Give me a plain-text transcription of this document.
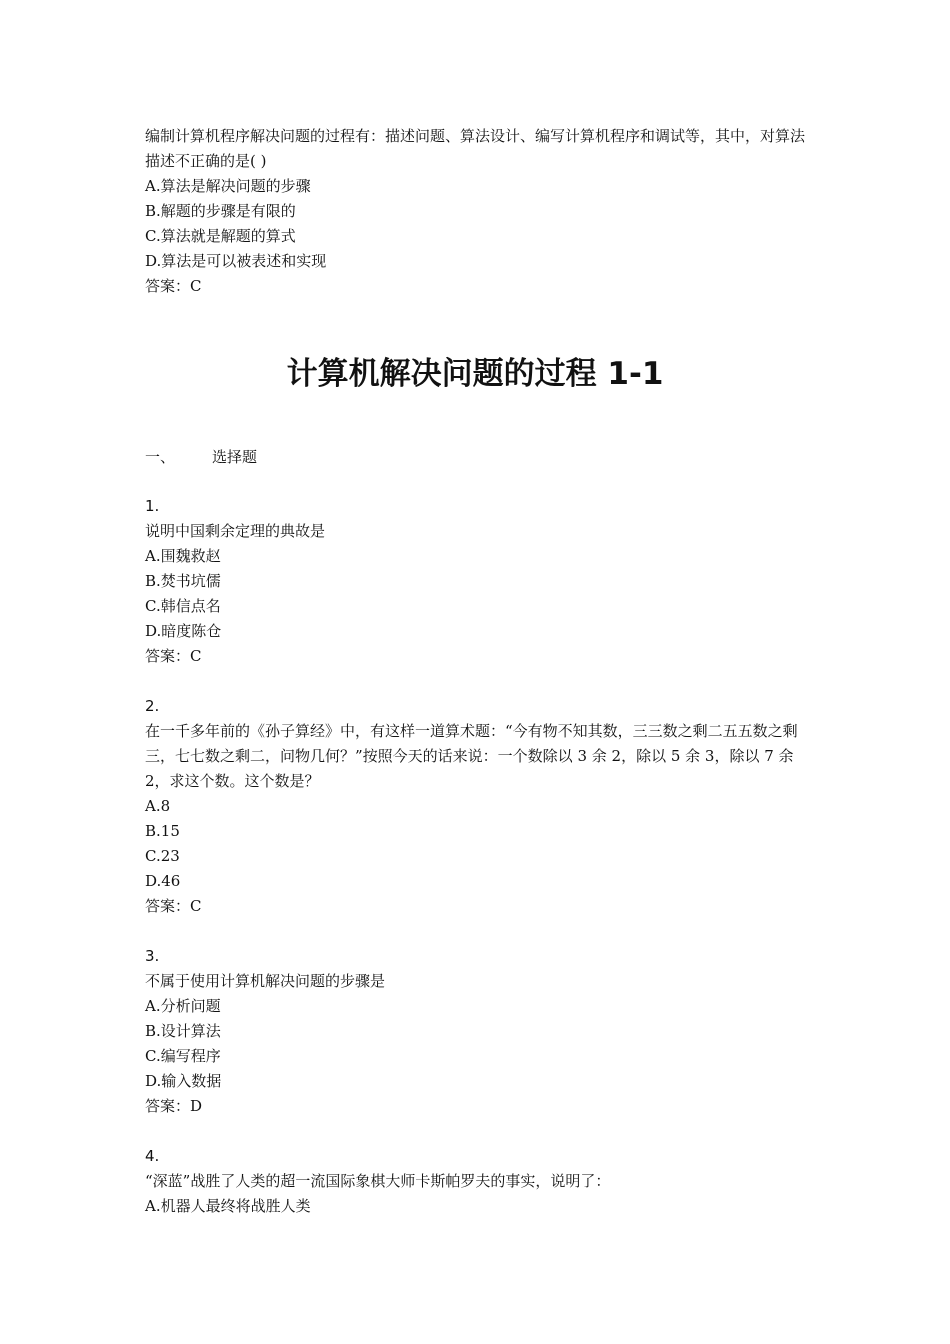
编制计算机程序解决问题的过程有：描述问题、算法设计、编写计算机程序和调试等，其中，对算法描述不正确的是( )
A.算法是解决问题的步骤
B.解题的步骤是有限的
C.算法就是解题的算式
D.算法是可以被表述和实现
答案：C
计算机解决问题的过程 1-1
一、 选择题
1.
说明中国剩余定理的典故是
A.围魏救赵
B.焚书坑儒
C.韩信点名
D.暗度陈仓
答案：C
2.
在一千多年前的《孙子算经》中，有这样一道算术题：“今有物不知其数，三三数之剩二五五数之剩三，七七数之剩二，问物几何？”按照今天的话来说：一个数除以 3 余 2，除以 5 余 3，除以 7 余 2，求这个数。这个数是？
A.8
B.15
C.23
D.46
答案：C
3.
不属于使用计算机解决问题的步骤是
A.分析问题
B.设计算法
C.编写程序
D.输入数据
答案：D
4.
“深蓝”战胜了人类的超一流国际象棋大师卡斯帕罗夫的事实，说明了：
A.机器人最终将战胜人类
